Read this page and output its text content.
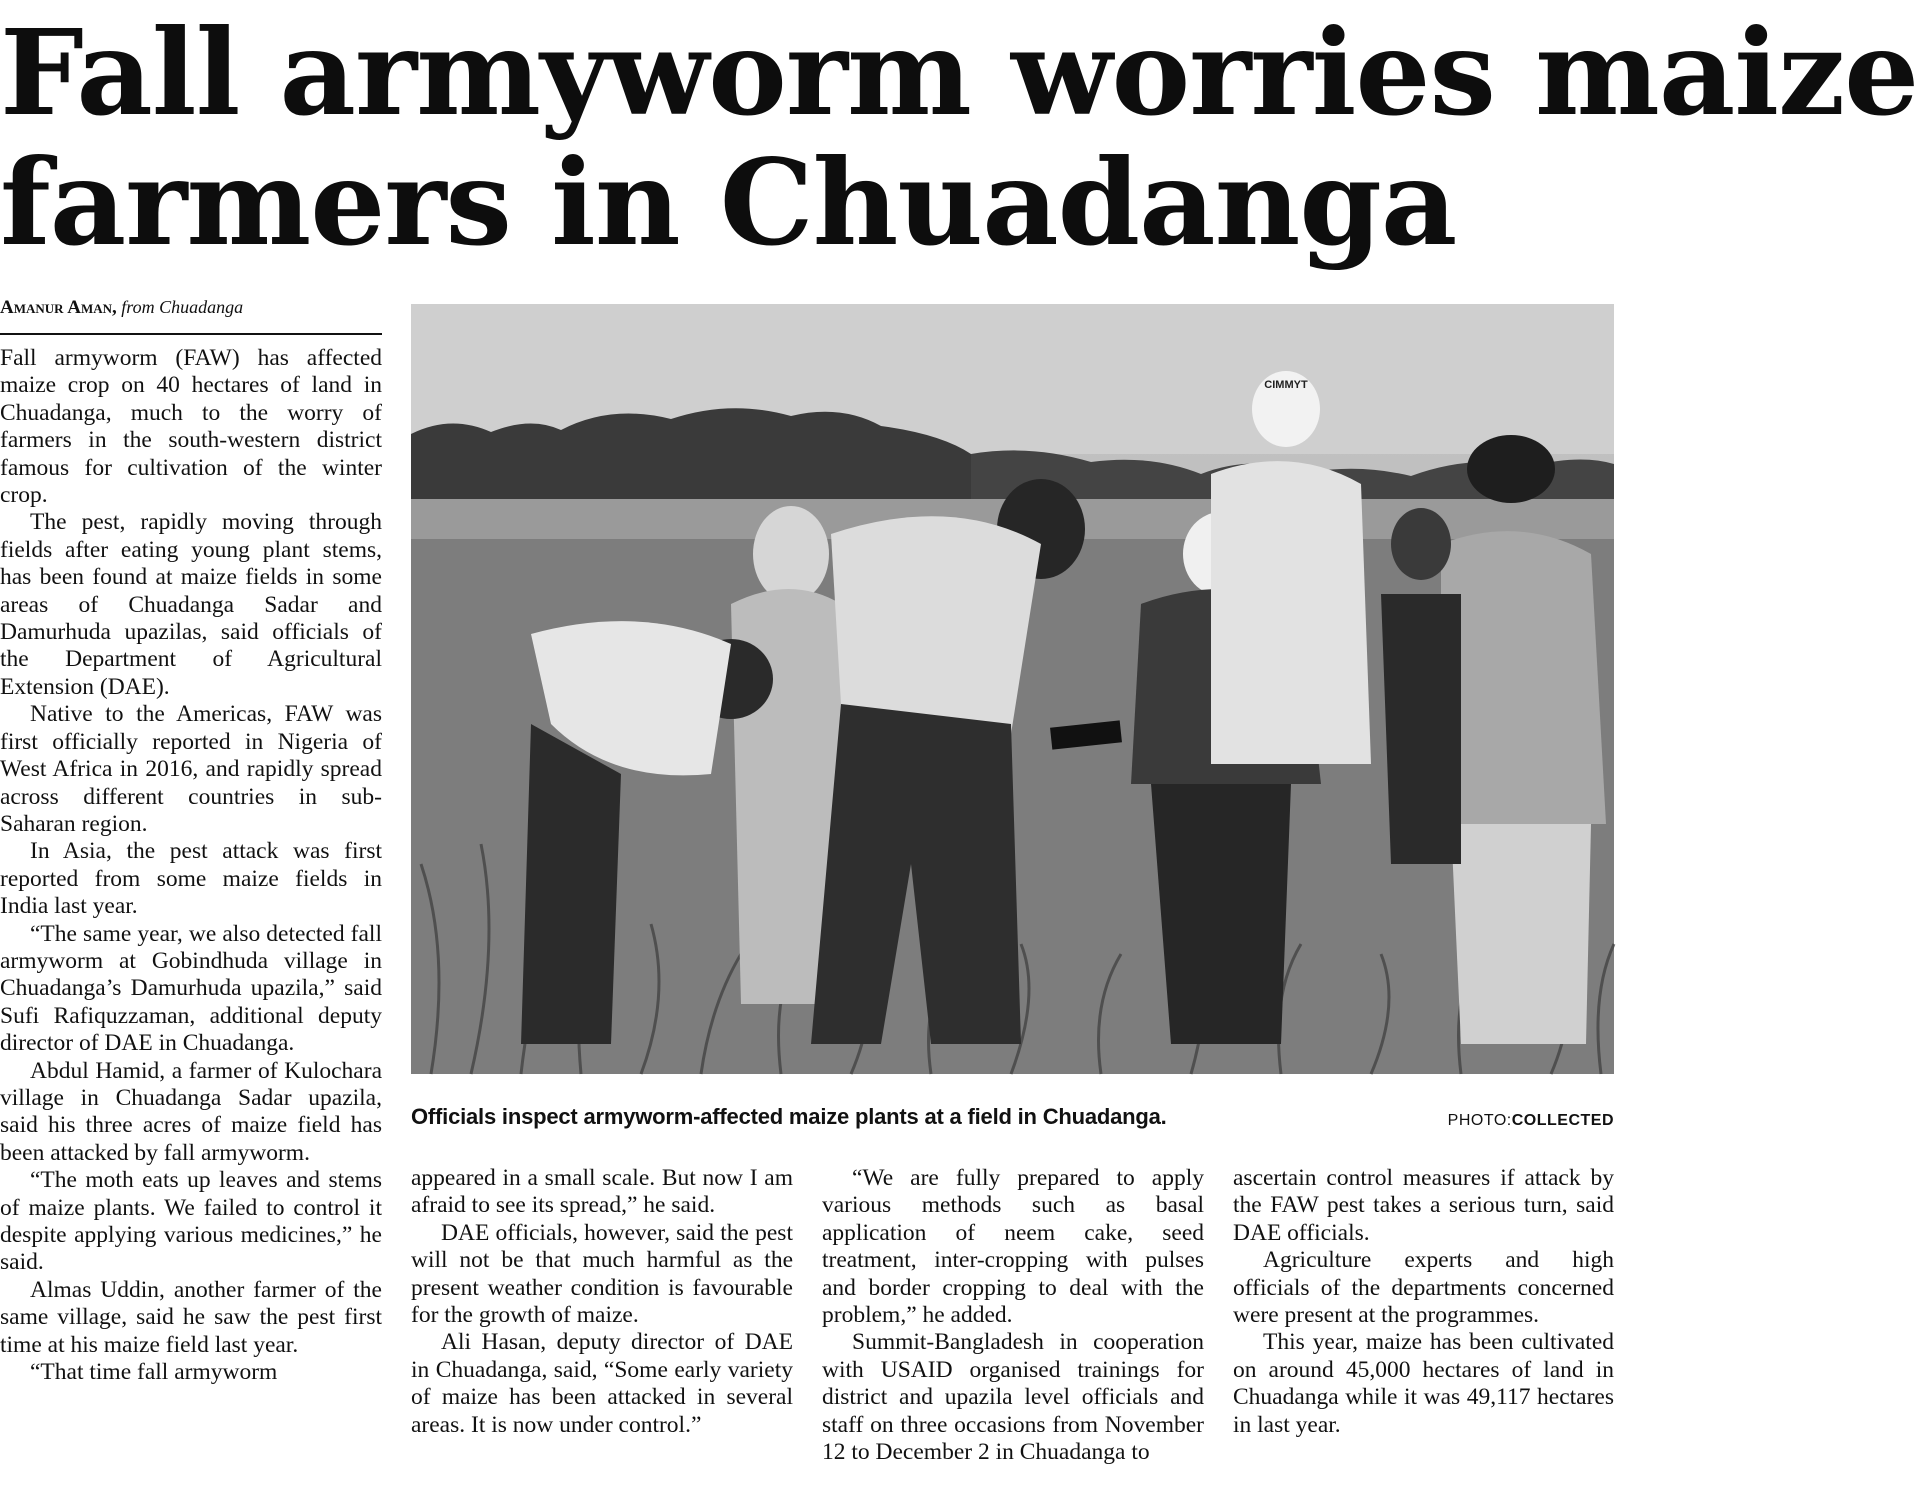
Fall armyworm worries maize
farmers in Chuadanga
Amanur Aman, from Chuadanga

Fall armyworm (FAW) has affected maize crop on 40 hectares of land in Chuadanga, much to the worry of farmers in the south-western district famous for cultivation of the winter crop.

The pest, rapidly moving through fields after eating young plant stems, has been found at maize fields in some areas of Chuadanga Sadar and Damurhuda upazilas, said officials of the Department of Agricultural Extension (DAE).

Native to the Americas, FAW was first officially reported in Nigeria of West Africa in 2016, and rapidly spread across different countries in sub-Saharan region.

In Asia, the pest attack was first reported from some maize fields in India last year.

“The same year, we also detected fall armyworm at Gobindhuda village in Chuadanga’s Damurhuda upazila,” said Sufi Rafiquzzaman, additional deputy director of DAE in Chuadanga.

Abdul Hamid, a farmer of Kulochara village in Chuadanga Sadar upazila, said his three acres of maize field has been attacked by fall armyworm.

“The moth eats up leaves and stems of maize plants. We failed to control it despite applying various medicines,” he said.

Almas Uddin, another farmer of the same village, said he saw the pest first time at his maize field last year.

“That time fall armyworm

CIMMYT
Officials inspect armyworm-affected maize plants at a field in Chuadanga.	PHOTO:COLLECTED

appeared in a small scale. But now I am afraid to see its spread,” he said.

DAE officials, however, said the pest will not be that much harmful as the present weather condition is favourable for the growth of maize.

Ali Hasan, deputy director of DAE in Chuadanga, said, “Some early variety of maize has been attacked in several areas. It is now under control.”

“We are fully prepared to apply various methods such as basal application of neem cake, seed treatment, inter-cropping with pulses and border cropping to deal with the problem,” he added.

Summit-Bangladesh in cooperation with USAID organised trainings for district and upazila level officials and staff on three occasions from November 12 to December 2 in Chuadanga to

ascertain control measures if attack by the FAW pest takes a serious turn, said DAE officials.

Agriculture experts and high officials of the departments concerned were present at the programmes.

This year, maize has been cultivated on around 45,000 hectares of land in Chuadanga while it was 49,117 hectares in last year.
